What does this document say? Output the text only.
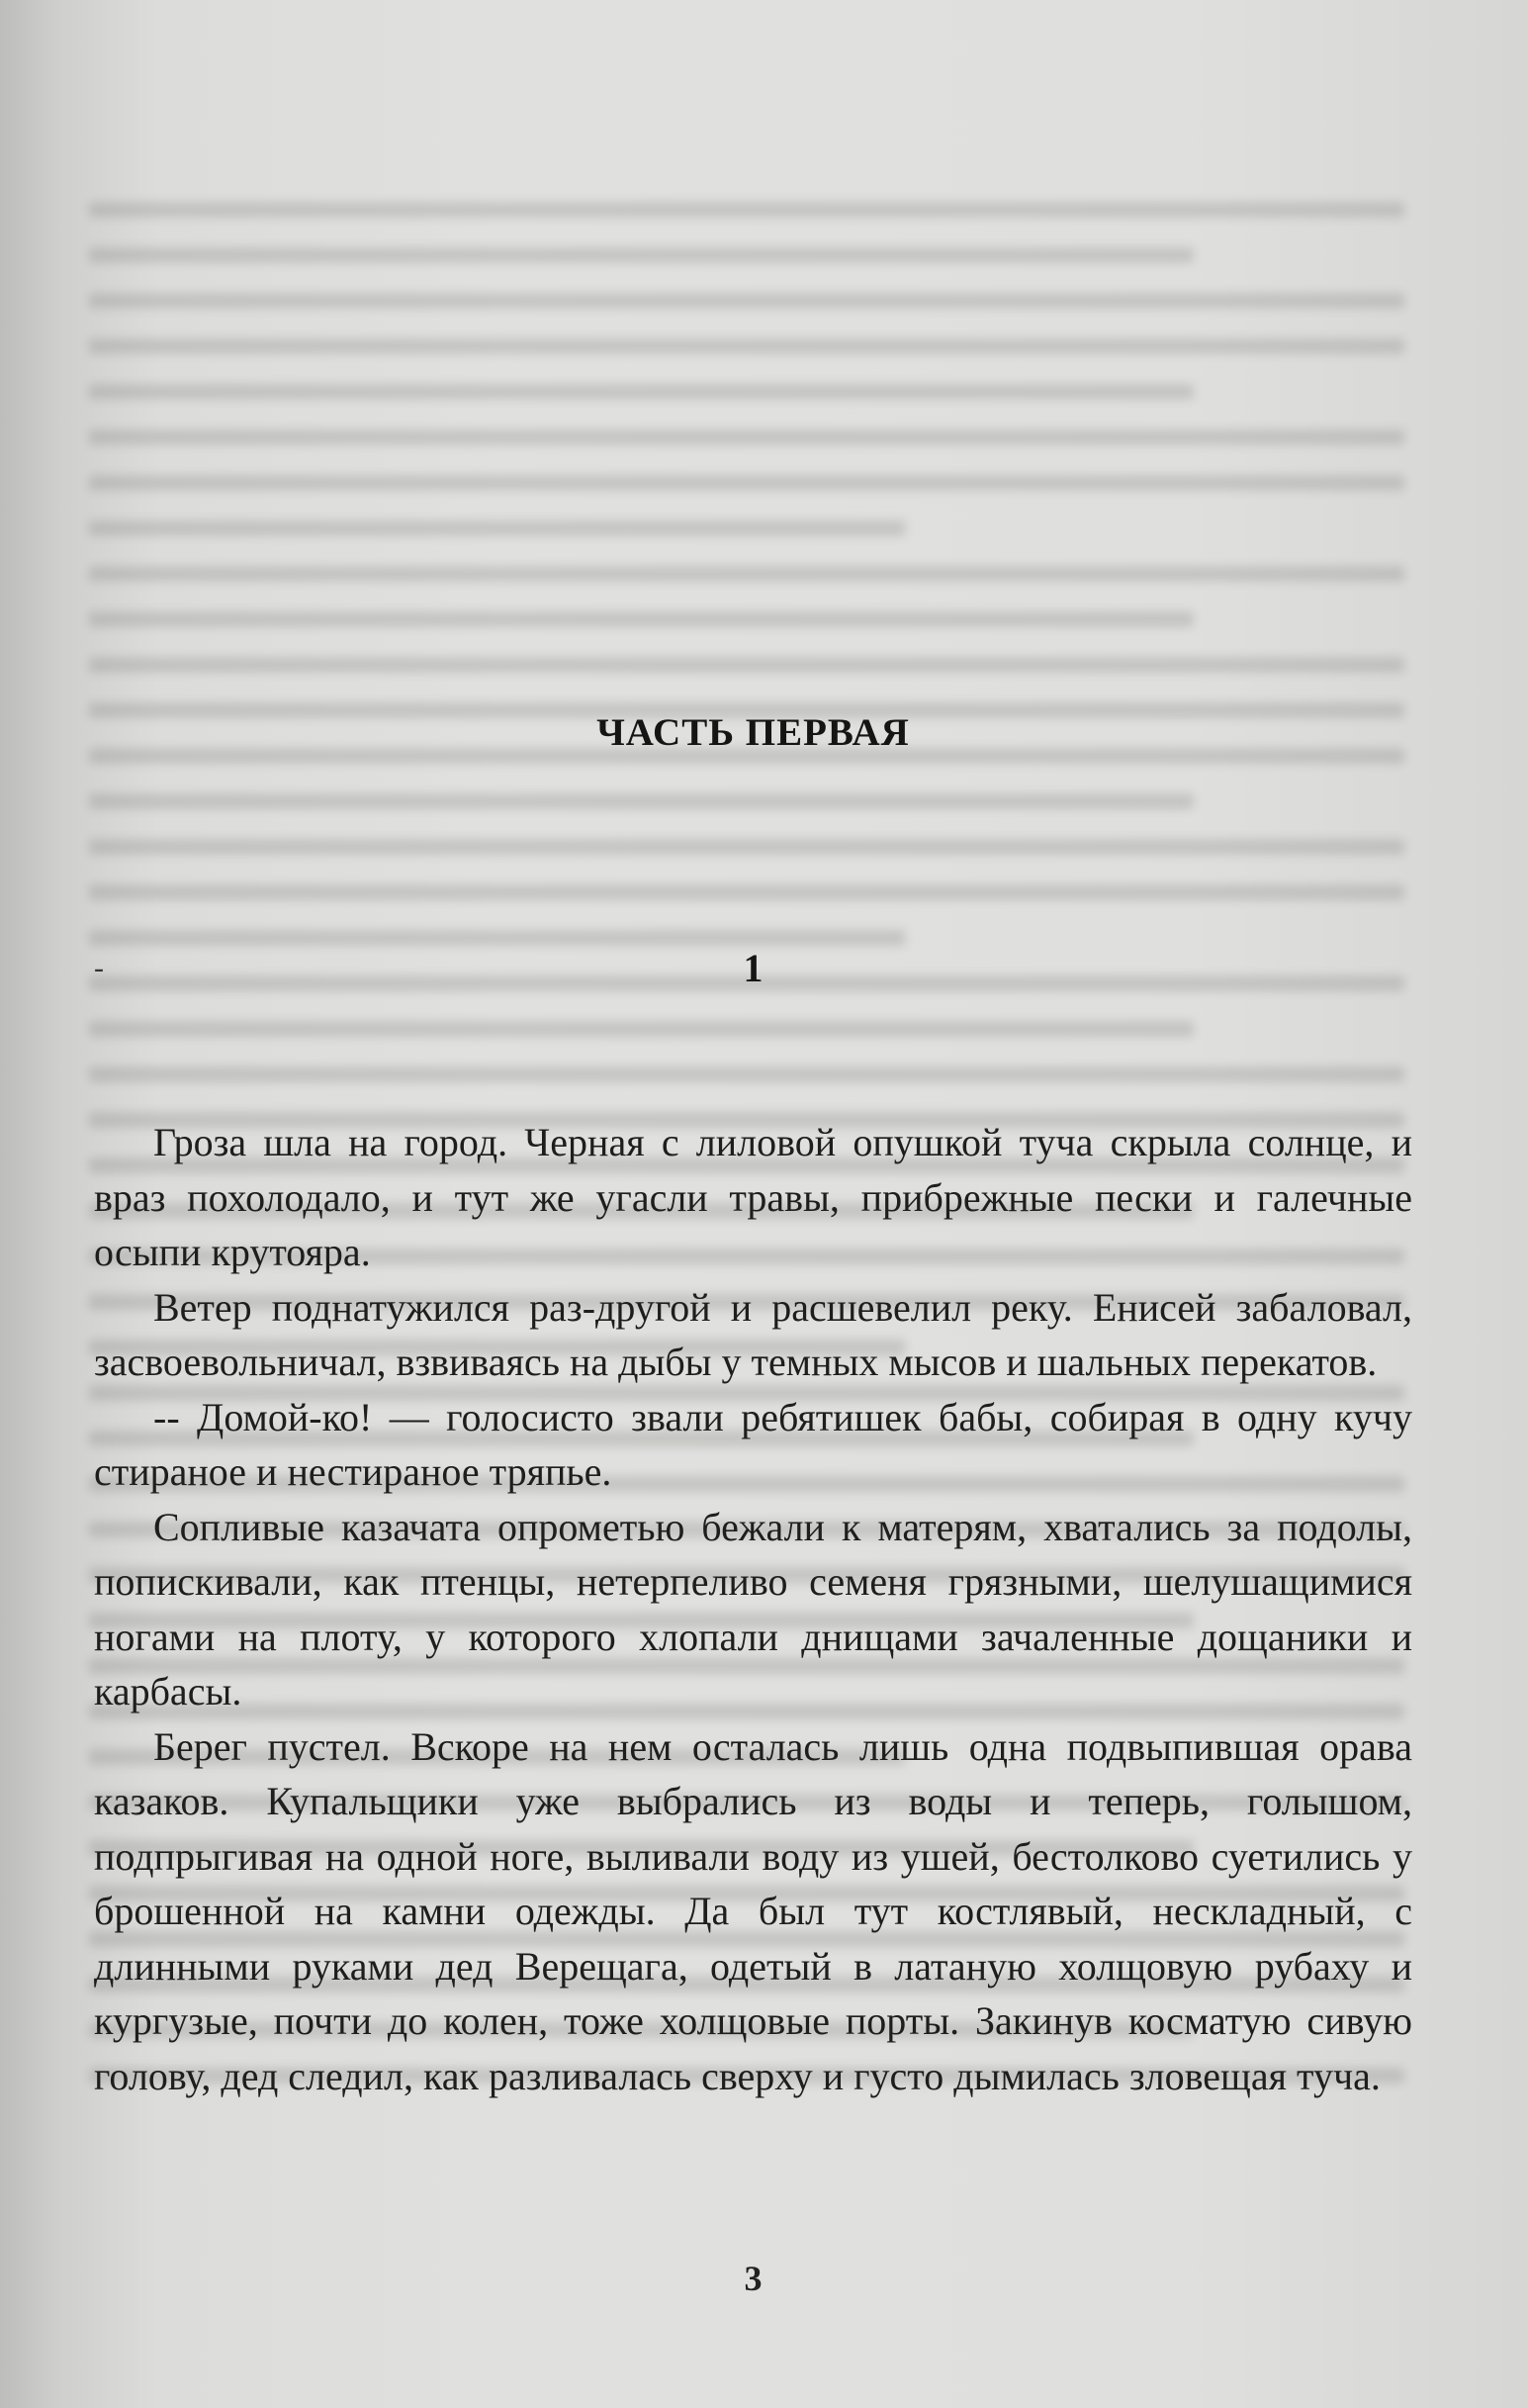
ЧАСТЬ ПЕРВАЯ
-	1

Гроза шла на город. Черная с лиловой опушкой туча скрыла солнце, и враз похолодало, и тут же угасли травы, прибрежные пески и галечные осыпи крутояра.

Ветер поднатужился раз-другой и расшевелил реку. Енисей забаловал, засвоевольничал, взвиваясь на дыбы у темных мысов и шальных перекатов.

-- Домой-ко! — голосисто звали ребятишек бабы, собирая в одну кучу стираное и нестираное тряпье.

Сопливые казачата опрометью бежали к матерям, хватались за подолы, попискивали, как птенцы, нетерпеливо семеня грязными, шелушащимися ногами на плоту, у которого хлопали днищами зачаленные дощаники и карбасы.

Берег пустел. Вскоре на нем осталась лишь одна подвыпившая орава казаков. Купальщики уже выбрались из воды и теперь, голышом, подпрыгивая на одной ноге, выливали воду из ушей, бестолково суетились у брошенной на камни одежды. Да был тут костлявый, нескладный, с длинными руками дед Верещага, одетый в латаную холщовую рубаху и кургузые, почти до колен, тоже холщовые порты. Закинув косматую сивую голову, дед следил, как разливалась сверху и густо дымилась зловещая туча.

3
